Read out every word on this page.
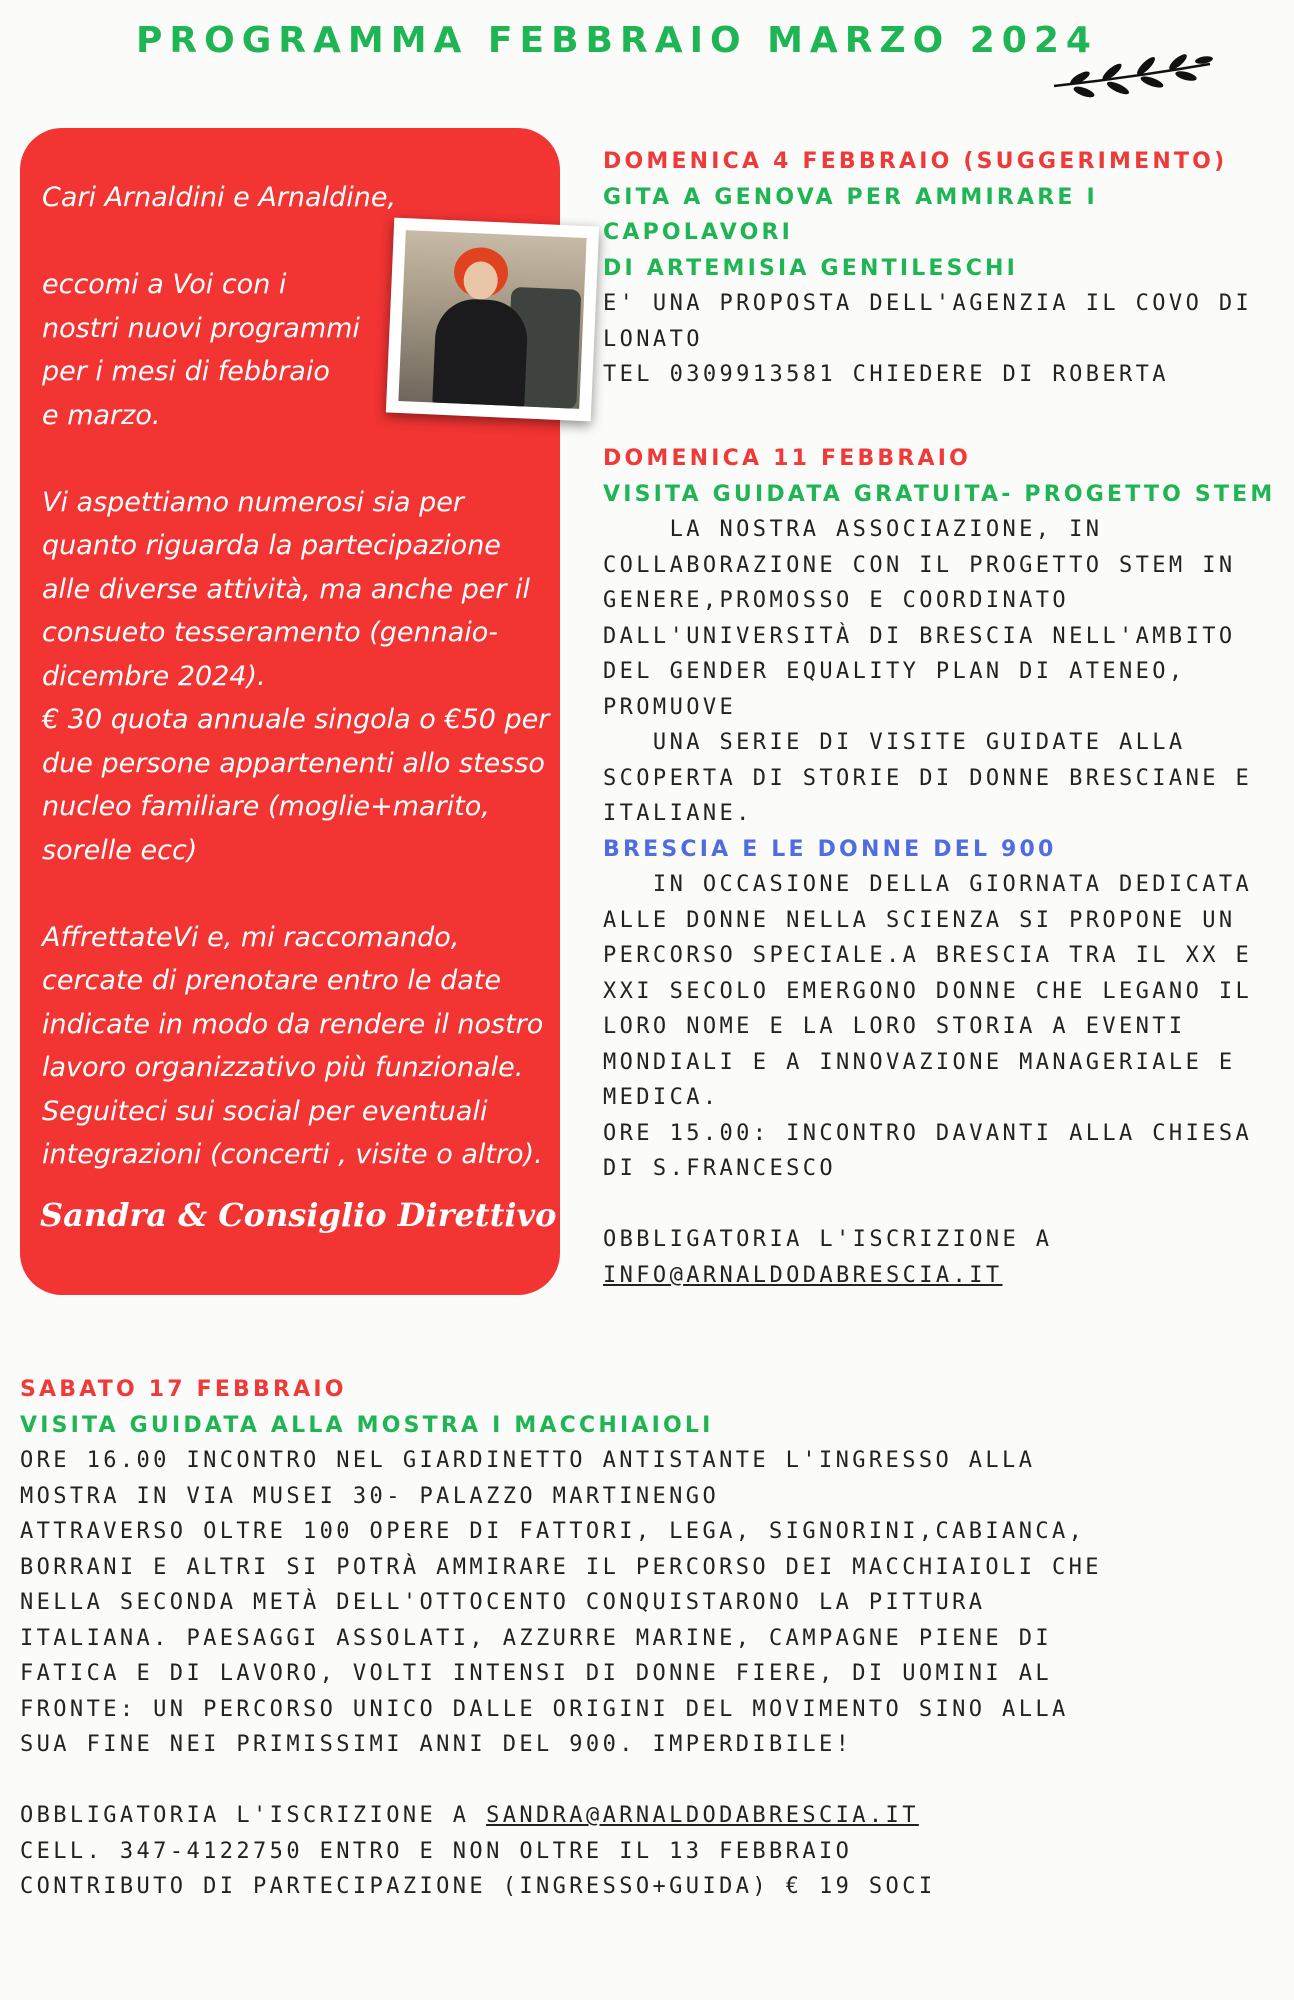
PROGRAMMA FEBBRAIO MARZO 2024
Cari Arnaldini e Arnaldine,

eccomi a Voi con i
nostri nuovi programmi
per i mesi di febbraio
e marzo.

Vi aspettiamo numerosi sia per
quanto riguarda la partecipazione
alle diverse attività, ma anche per il
consueto tesseramento (gennaio-
dicembre 2024).
€ 30 quota annuale singola o €50 per
due persone appartenenti allo stesso
nucleo familiare (moglie+marito,
sorelle ecc)

AffrettateVi e, mi raccomando,
cercate di prenotare entro le date
indicate in modo da rendere il nostro
lavoro organizzativo più funzionale.
Seguiteci sui social per eventuali
integrazioni (concerti , visite o altro).
Sandra & Consiglio Direttivo

DOMENICA 4 FEBBRAIO (SUGGERIMENTO)

GITA A GENOVA PER AMMIRARE I

CAPOLAVORI

DI ARTEMISIA GENTILESCHI

E' UNA PROPOSTA DELL'AGENZIA IL COVO DI

LONATO

TEL 0309913581 CHIEDERE DI ROBERTA

DOMENICA 11 FEBBRAIO

VISITA GUIDATA GRATUITA- PROGETTO STEM

LA NOSTRA ASSOCIAZIONE, IN

COLLABORAZIONE CON IL PROGETTO STEM IN

GENERE,PROMOSSO E COORDINATO

DALL'UNIVERSITÀ DI BRESCIA NELL'AMBITO

DEL GENDER EQUALITY PLAN DI ATENEO,

PROMUOVE

UNA SERIE DI VISITE GUIDATE ALLA

SCOPERTA DI STORIE DI DONNE BRESCIANE E

ITALIANE.

BRESCIA E LE DONNE DEL 900

IN OCCASIONE DELLA GIORNATA DEDICATA

ALLE DONNE NELLA SCIENZA SI PROPONE UN

PERCORSO SPECIALE.A BRESCIA TRA IL XX E

XXI SECOLO EMERGONO DONNE CHE LEGANO IL

LORO NOME E LA LORO STORIA A EVENTI

MONDIALI E A INNOVAZIONE MANAGERIALE E

MEDICA.

ORE 15.00: INCONTRO DAVANTI ALLA CHIESA

DI S.FRANCESCO

OBBLIGATORIA L'ISCRIZIONE A

INFO@ARNALDODABRESCIA.IT

SABATO 17 FEBBRAIO

VISITA GUIDATA ALLA MOSTRA I MACCHIAIOLI

ORE 16.00 INCONTRO NEL GIARDINETTO ANTISTANTE L'INGRESSO ALLA

MOSTRA IN VIA MUSEI 30- PALAZZO MARTINENGO

ATTRAVERSO OLTRE 100 OPERE DI FATTORI, LEGA, SIGNORINI,CABIANCA,

BORRANI E ALTRI SI POTRÀ AMMIRARE IL PERCORSO DEI MACCHIAIOLI CHE

NELLA SECONDA METÀ DELL'OTTOCENTO CONQUISTARONO LA PITTURA

ITALIANA. PAESAGGI ASSOLATI, AZZURRE MARINE, CAMPAGNE PIENE DI

FATICA E DI LAVORO, VOLTI INTENSI DI DONNE FIERE, DI UOMINI AL

FRONTE: UN PERCORSO UNICO DALLE ORIGINI DEL MOVIMENTO SINO ALLA

SUA FINE NEI PRIMISSIMI ANNI DEL 900. IMPERDIBILE!

OBBLIGATORIA L'ISCRIZIONE A SANDRA@ARNALDODABRESCIA.IT

CELL. 347-4122750 ENTRO E NON OLTRE IL 13 FEBBRAIO

CONTRIBUTO DI PARTECIPAZIONE (INGRESSO+GUIDA) € 19 SOCI
